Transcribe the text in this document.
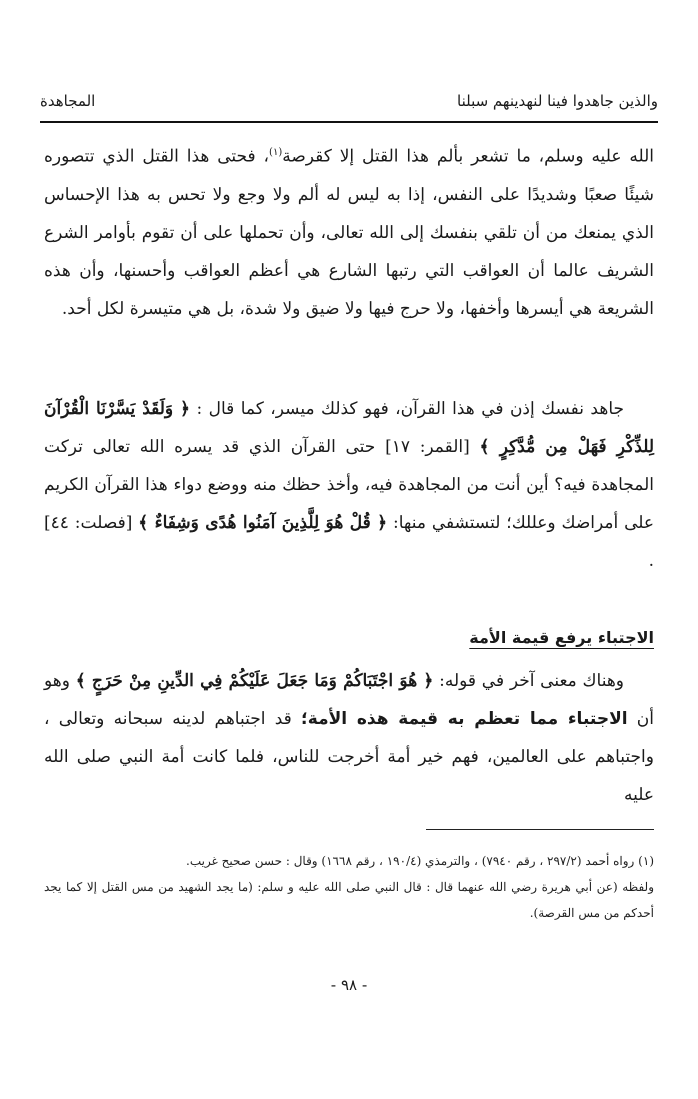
والذين جاهدوا فينا لنهدينهم سبلنا
المجاهدة

الله عليه وسلم، ما تشعر بألم هذا القتل إلا كقرصة$^{(١)}$، فحتى هذا القتل الذي تتصوره شيئًا صعبًا وشديدًا على النفس، إذا به ليس له ألم ولا وجع ولا تحس به هذا الإحساس الذي يمنعك من أن تلقي بنفسك إلى الله تعالى، وأن تحملها على أن تقوم بأوامر الشرع الشريف عالما أن العواقب التي رتبها الشارع هي أعظم العواقب وأحسنها، وأن هذه الشريعة هي أيسرها وأخفها، ولا حرج فيها ولا ضيق ولا شدة، بل هي متيسرة لكل أحد.

جاهد نفسك إذن في هذا القرآن، فهو كذلك ميسر، كما قال : ﴿ وَلَقَدْ يَسَّرْنَا الْقُرْآنَ لِلذِّكْرِ فَهَلْ مِن مُّدَّكِرٍ ﴾ [القمر: ١٧] حتى القرآن الذي قد يسره الله تعالى تركت المجاهدة فيه؟ أين أنت من المجاهدة فيه، وأخذ حظك منه ووضع دواء هذا القرآن الكريم على أمراضك وعللك؛ لتستشفي منها: ﴿ قُلْ هُوَ لِلَّذِينَ آمَنُوا هُدًى وَشِفَاءٌ ﴾ [فصلت: ٤٤] .

الاجتباء يرفع قيمة الأمة

وهناك معنى آخر في قوله: ﴿ هُوَ اجْتَبَاكُمْ وَمَا جَعَلَ عَلَيْكُمْ فِي الدِّينِ مِنْ حَرَجٍ ﴾ وهو أن الاجتباء مما تعظم به قيمة هذه الأمة؛ قد اجتباهم لدينه سبحانه وتعالى ، واجتباهم على العالمين، فهم خير أمة أخرجت للناس، فلما كانت أمة النبي صلى الله عليه

(١) رواه أحمد (٢٩٧/٢ ، رقم ٧٩٤٠) ، والترمذي (١٩٠/٤ ، رقم ١٦٦٨) وقال : حسن صحيح غريب.

ولفظه (عن أبي هريرة رضي الله عنهما قال : قال النبي صلى الله عليه و سلم: (ما يجد الشهيد من مس القتل إلا كما يجد أحدكم من مس القرصة).

- ٩٨ -
